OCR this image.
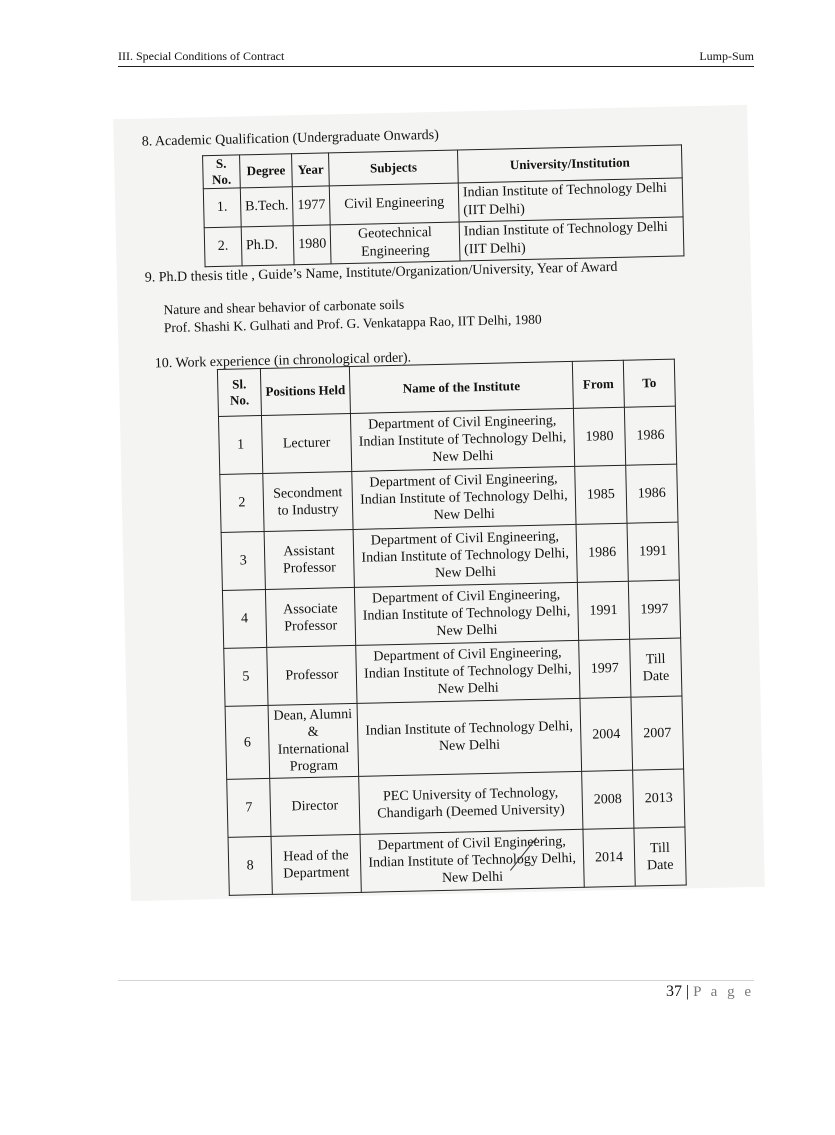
III. Special Conditions of Contract	Lump-Sum
8. Academic Qualification (Undergraduate Onwards)
S. No.	Degree	Year	Subjects	University/Institution
1.	B.Tech.	1977	Civil Engineering	Indian Institute of Technology Delhi (IIT Delhi)
2.	Ph.D.	1980	Geotechnical Engineering	Indian Institute of Technology Delhi (IIT Delhi)
9. Ph.D thesis title , Guide’s Name, Institute/Organization/University, Year of Award
Nature and shear behavior of carbonate soils
Prof. Shashi K. Gulhati and Prof. G. Venkatappa Rao, IIT Delhi, 1980
10. Work experience (in chronological order).
Sl. No.	Positions Held	Name of the Institute	From	To
1	Lecturer	Department of Civil Engineering, Indian Institute of Technology Delhi, New Delhi	1980	1986
2	Secondment to Industry	Department of Civil Engineering, Indian Institute of Technology Delhi, New Delhi	1985	1986
3	Assistant Professor	Department of Civil Engineering, Indian Institute of Technology Delhi, New Delhi	1986	1991
4	Associate Professor	Department of Civil Engineering, Indian Institute of Technology Delhi, New Delhi	1991	1997
5	Professor	Department of Civil Engineering, Indian Institute of Technology Delhi, New Delhi	1997	Till Date
6	Dean, Alumni & International Program	Indian Institute of Technology Delhi, New Delhi	2004	2007
7	Director	PEC University of Technology, Chandigarh (Deemed University)	2008	2013
8	Head of the Department	Department of Civil Engineering, Indian Institute of Technology Delhi, New Delhi	2014	Till Date
37 | P a g e
